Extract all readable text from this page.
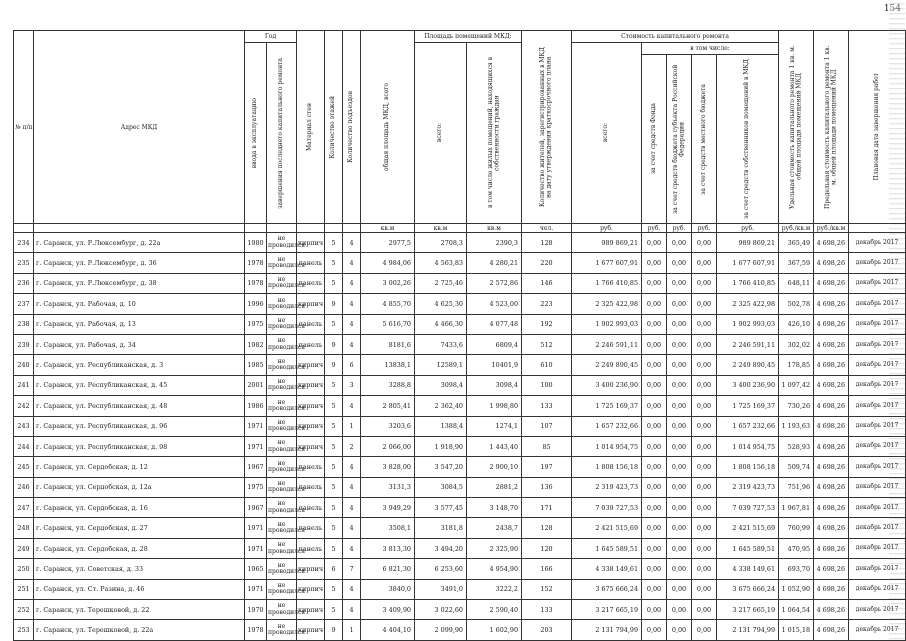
154
№ п/п	Адрес МКД	Год		Материал стен	Количество этажей	Количество подъездов	общая площадь МКД, всего	Площадь помещений МКД:		Количество жителей, зарегистрированных в МКД на дату утверждения краткосрочного плана	Стоимость капитального ремонта					Удельная стоимость капитального ремонта 1 кв. м. общей площади помещений МКД	Предельная стоимость капитального ремонта 1 кв. м. общей площади помещений МКД	Плановая дата завершения работ

		ввода в эксплуатацию	завершения последнего капитального ремонта					всего:	в том числе жилых помещений, находящихся в собственности граждан		всего:	в том числе:						

												за счет средств Фонда	за счет средств бюджета субъекта Российской Федерации	за счет средств местного бюджета	за счет средств собственников помещений в МКД			

							кв.м	кв.м	кв.м	чел.	руб.	руб.	руб.	руб.	руб.	руб./кв.м	руб./кв.м	
234	г. Саранск, ул. Р.Люксембург, д. 22а	1980	не проводился	кирпич	5	4	2977,5	2708,3	2390,3	128	989 869,21	0,00	0,00	0,00	989 869,21	365,49	4 698,26	декабрь 2017
235	г. Саранск, ул. Р.Люксембург, д. 36	1978	не проводился	панель	5	4	4 984,06	4 563,83	4 280,21	220	1 677 607,91	0,00	0,00	0,00	1 677 607,91	367,59	4 698,26	декабрь 2017
236	г. Саранск, ул. Р.Люксембург, д. 38	1978	не проводился	панель	5	4	3 002,26	2 725,46	2 572,86	146	1 766 410,85	0,00	0,00	0,00	1 766 410,85	648,11	4 698,26	декабрь 2017
237	г. Саранск, ул. Рабочая, д. 10	1996	не проводился	кирпич	9	4	4 855,70	4 625,30	4 523,00	223	2 325 422,98	0,00	0,00	0,00	2 325 422,98	502,78	4 698,26	декабрь 2017
238	г. Саранск, ул. Рабочая, д. 13	1975	не проводился	панель	5	4	5 616,70	4 466,30	4 077,48	192	1 902 993,03	0,00	0,00	0,00	1 902 993,03	426,10	4 698,26	декабрь 2017
239	г. Саранск, ул. Рабочая, д. 34	1982	не проводился	панель	9	4	8181,6	7433,6	6809,4	512	2 246 591,11	0,00	0,00	0,00	2 246 591,11	302,02	4 698,26	декабрь 2017
240	г. Саранск, ул. Республиканская, д. 3	1985	не проводился	кирпич	9	6	13838,1	12589,1	10401,9	610	2 249 890,45	0,00	0,00	0,00	2 249 890,45	178,85	4 698,26	декабрь 2017
241	г. Саранск, ул. Республиканская, д. 45	2001	не проводился	кирпич	5	3	3288,8	3098,4	3098,4	100	3 400 236,90	0,00	0,00	0,00	3 400 236,90	1 097,42	4 698,26	декабрь 2017
242	г. Саранск, ул. Республиканская, д. 48	1986	не проводился	кирпич	5	4	2 805,41	2 362,40	1 998,80	133	1 725 169,37	0,00	0,00	0,00	1 725 169,37	730,26	4 698,26	декабрь 2017
243	г. Саранск, ул. Республиканская, д. 96	1971	не проводился	кирпич	5	1	3203,6	1388,4	1274,1	107	1 657 232,66	0,00	0,00	0,00	1 657 232,66	1 193,63	4 698,26	декабрь 2017
244	г. Саранск, ул. Республиканская, д. 98	1971	не проводился	кирпич	5	2	2 066,00	1 918,90	1 443,40	85	1 014 954,75	0,00	0,00	0,00	1 014 954,75	528,93	4 698,26	декабрь 2017
245	г. Саранск, ул. Сердобская, д. 12	1967	не проводился	панель	5	4	3 828,00	3 547,20	2 900,10	197	1 808 156,18	0,00	0,00	0,00	1 808 156,18	509,74	4 698,26	декабрь 2017
246	г. Саранск, ул. Сердобская, д. 12а	1975	не проводился	панель	5	4	3131,3	3084,5	2881,2	136	2 319 423,73	0,00	0,00	0,00	2 319 423,73	751,96	4 698,26	декабрь 2017
247	г. Саранск, ул. Сердобская, д. 16	1967	не проводился	панель	5	4	3 949,29	3 577,45	3 148,70	171	7 039 727,53	0,00	0,00	0,00	7 039 727,53	1 967,81	4 698,26	декабрь 2017
248	г. Саранск, ул. Сердобская, д. 27	1971	не проводился	панель	5	4	3508,1	3181,8	2438,7	128	2 421 515,69	0,00	0,00	0,00	2 421 515,69	760,99	4 698,26	декабрь 2017
249	г. Саранск, ул. Сердобская, д. 28	1971	не проводился	панель	5	4	3 813,30	3 494,20	2 325,90	120	1 645 589,51	0,00	0,00	0,00	1 645 589,51	470,95	4 698,26	декабрь 2017
250	г. Саранск, ул. Советская, д. 33	1965	не проводился	кирпич	6	7	6 821,30	6 253,60	4 954,90	166	4 338 149,61	0,00	0,00	0,00	4 338 149,61	693,70	4 698,26	декабрь 2017
251	г. Саранск, ул. Ст. Разина, д. 46	1971	не проводился	кирпич	5	4	3840,0	3491,0	3222,2	152	3 675 666,24	0,00	0,00	0,00	3 675 666,24	1 052,90	4 698,26	декабрь 2017
252	г. Саранск, ул. Терешковой, д. 22	1970	не проводился	кирпич	5	4	3 409,90	3 022,60	2 590,40	133	3 217 665,19	0,00	0,00	0,00	3 217 665,19	1 064,54	4 698,26	декабрь 2017
253	г. Саранск, ул. Терешковой, д. 22а	1978	не проводился	кирпич	9	1	4 404,10	2 099,90	1 602,90	203	2 131 794,99	0,00	0,00	0,00	2 131 794,99	1 015,18	4 698,26	декабрь 2017
